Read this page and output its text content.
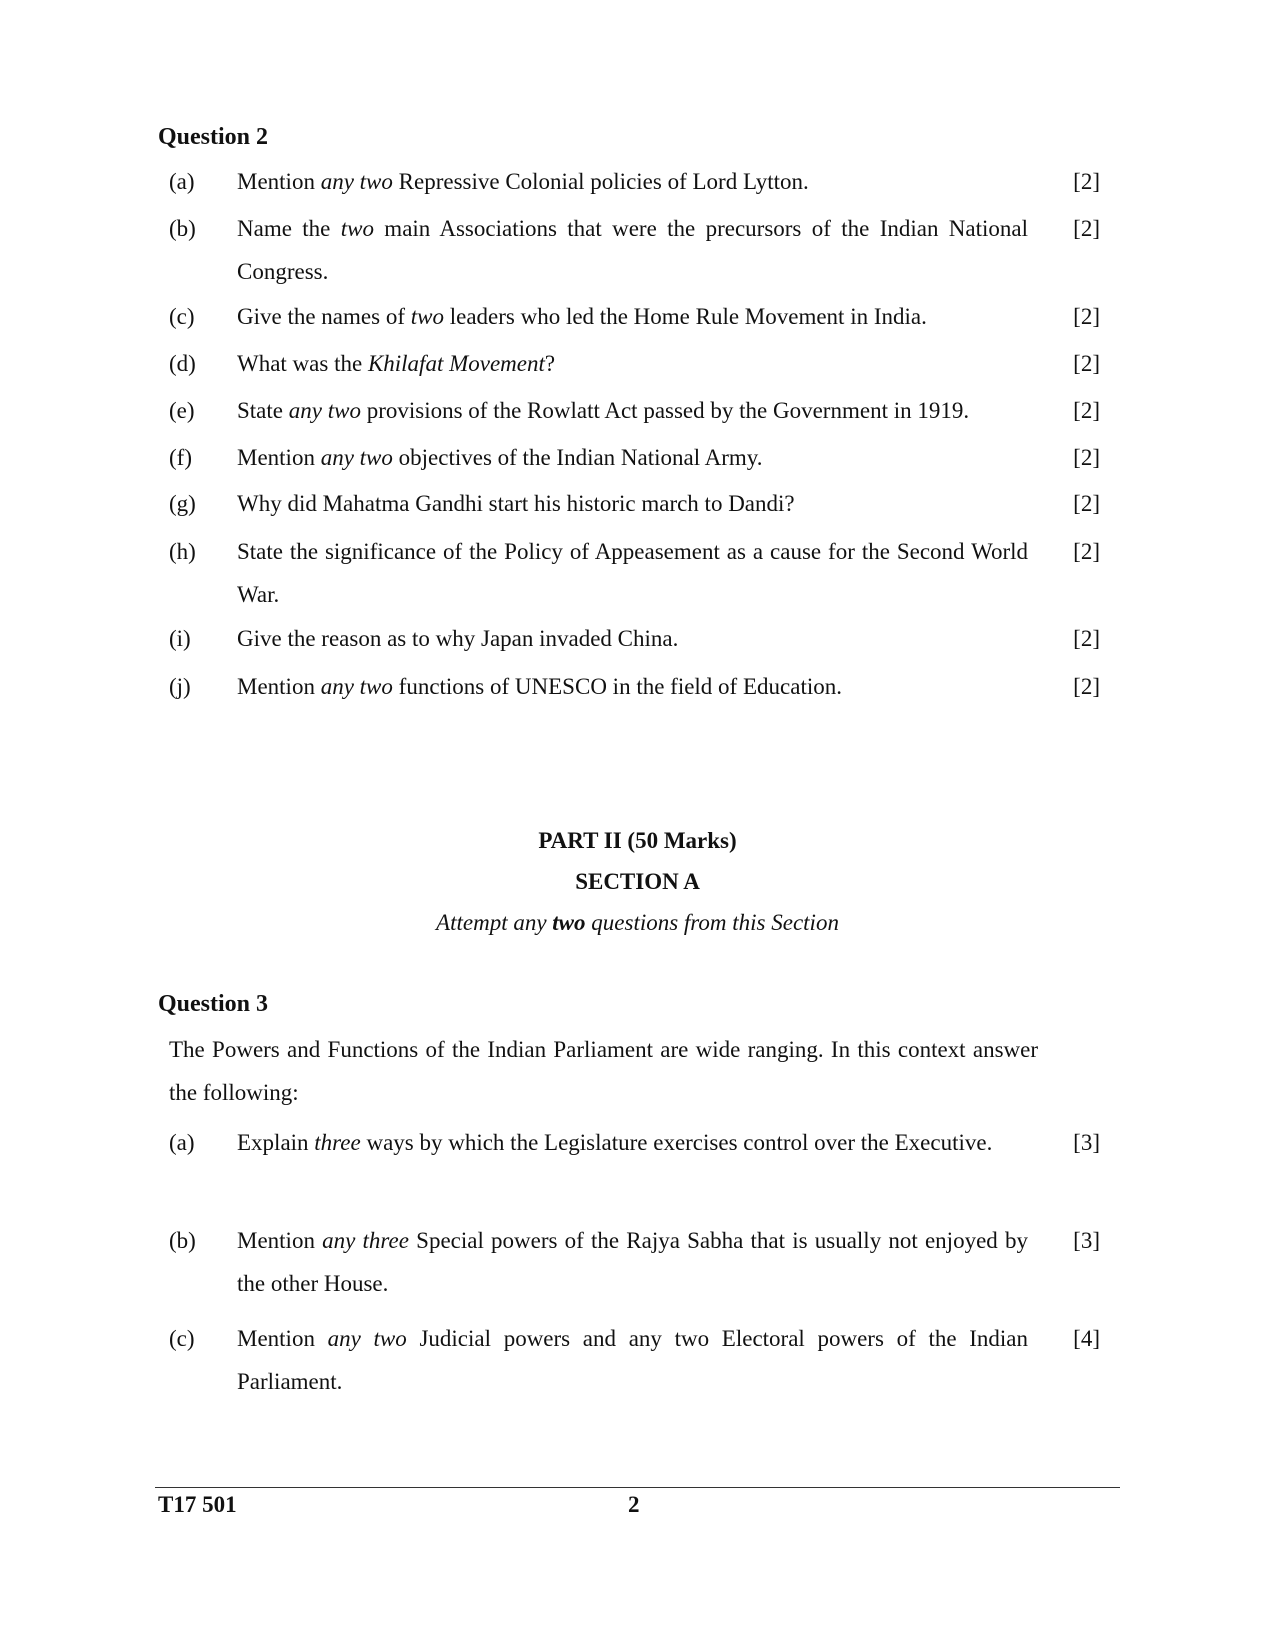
Question 2
(a) Mention any two Repressive Colonial policies of Lord Lytton.	[2]
(b) Name the two main Associations that were the precursors of the Indian National Congress.
[2]
(c) Give the names of two leaders who led the Home Rule Movement in India.	[2]
(d) What was the Khilafat Movement?	[2]
(e) State any two provisions of the Rowlatt Act passed by the Government in 1919.	[2]
(f) Mention any two objectives of the Indian National Army.	[2]
(g) Why did Mahatma Gandhi start his historic march to Dandi?	[2]
(h) State the significance of the Policy of Appeasement as a cause for the Second World War.
[2]
(i) Give the reason as to why Japan invaded China.	[2]
(j) Mention any two functions of UNESCO in the field of Education.	[2]
PART II (50 Marks)
SECTION A
Attempt any two questions from this Section
Question 3
The Powers and Functions of the Indian Parliament are wide ranging. In this context answer the following:
(a) Explain three ways by which the Legislature exercises control over the Executive.	[3]
(b) Mention any three Special powers of the Rajya Sabha that is usually not enjoyed by the other House.
[3]
(c) Mention any two Judicial powers and any two Electoral powers of the Indian Parliament.
[4]
T17 501	2
